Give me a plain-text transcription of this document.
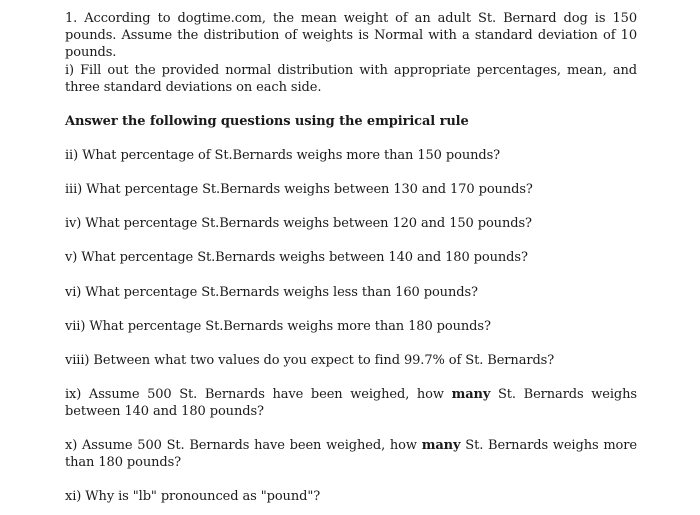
1. According to dogtime.com, the mean weight of an adult St. Bernard dog is 150 pounds. Assume the distribution of weights is Normal with a standard deviation of 10 pounds.

i) Fill out the provided normal distribution with appropriate percentages, mean, and three standard deviations on each side.

Answer the following questions using the empirical rule

ii) What percentage of St.Bernards weighs more than 150 pounds?

iii) What percentage St.Bernards weighs between 130 and 170 pounds?

iv) What percentage St.Bernards weighs between 120 and 150 pounds?

v) What percentage St.Bernards weighs between 140 and 180 pounds?

vi) What percentage St.Bernards weighs less than 160 pounds?

vii) What percentage St.Bernards weighs more than 180 pounds?

viii) Between what two values do you expect to find 99.7% of St. Bernards?

ix) Assume 500 St. Bernards have been weighed, how many St. Bernards weighs between 140 and 180 pounds?

x) Assume 500 St. Bernards have been weighed, how many St. Bernards weighs more than 180 pounds?

xi) Why is "lb" pronounced as "pound"?
